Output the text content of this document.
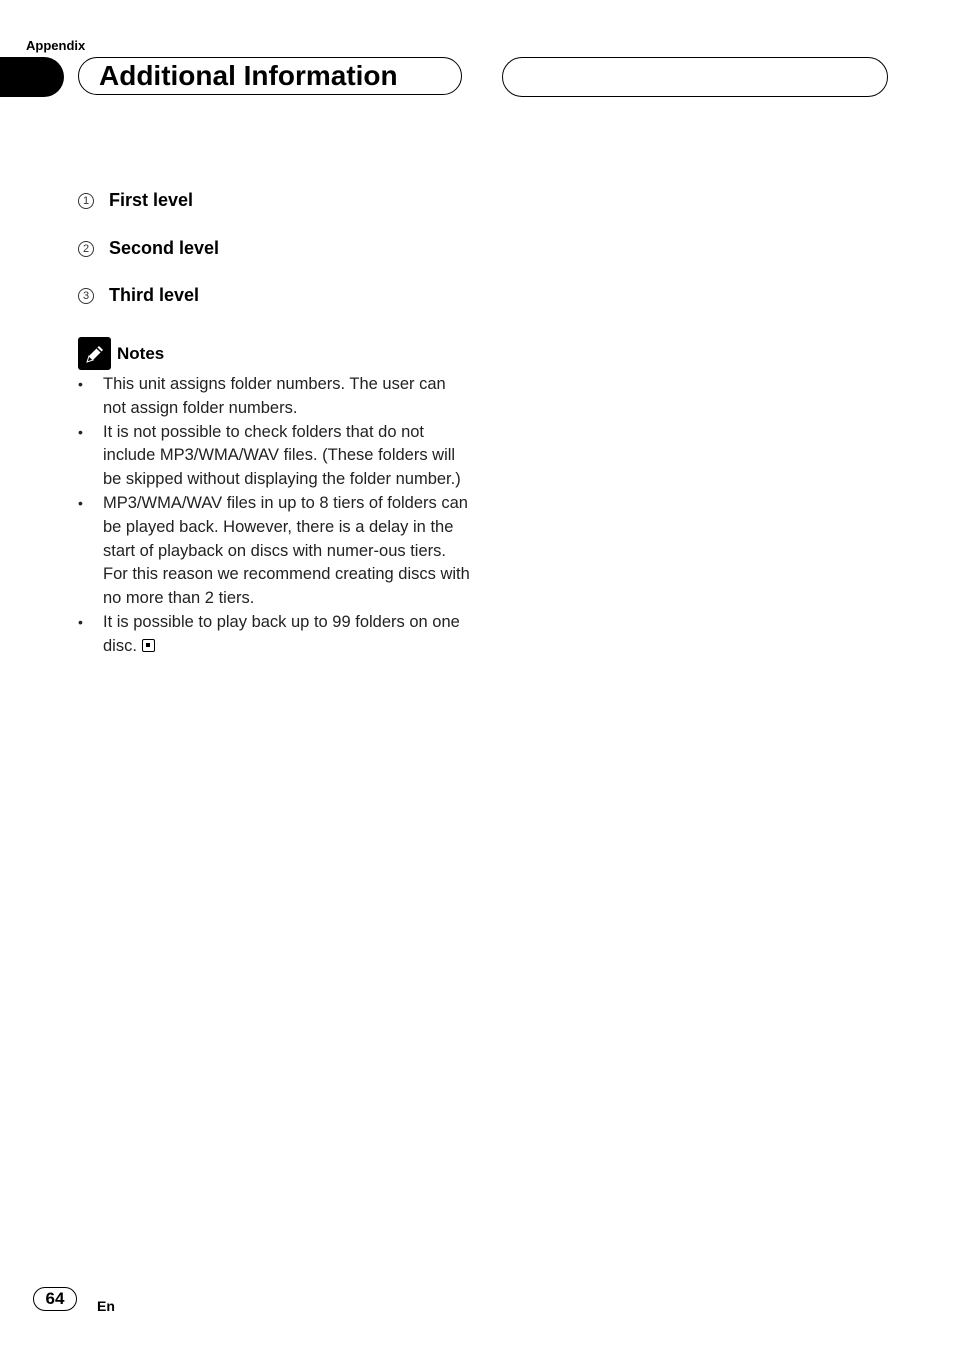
Appendix
Additional Information
1 First level
2 Second level
3 Third level
Notes
•	This unit assigns folder numbers. The user can not assign folder numbers.
•	It is not possible to check folders that do not include MP3/WMA/WAV files. (These folders will be skipped without displaying the folder number.)
•	MP3/WMA/WAV files in up to 8 tiers of folders can be played back. However, there is a delay in the start of playback on discs with numer-ous tiers. For this reason we recommend creating discs with no more than 2 tiers.
•	It is possible to play back up to 99 folders on one disc.
64	En
